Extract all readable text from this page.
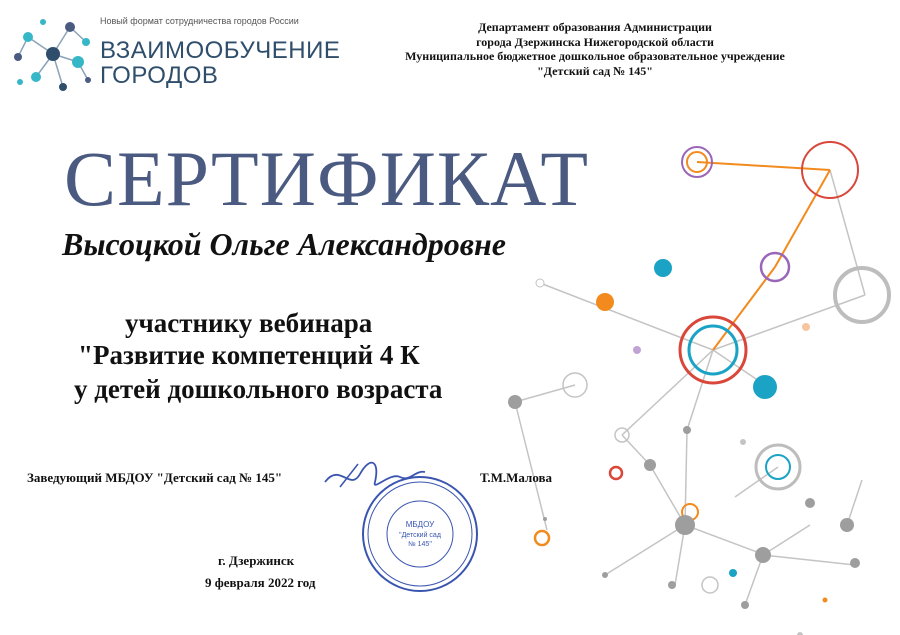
Новый формат сотрудничества городов России
ВЗАИМООБУЧЕНИЕ
ГОРОДОВ
Департамент образования Администрации
города Дзержинска Нижегородской области
Муниципальное бюджетное дошкольное образовательное учреждение
"Детский сад № 145"
СЕРТИФИКАТ
Высоцкой Ольге Александровне
участнику вебинара
"Развитие компетенций 4 К
у детей дошкольного возраста
Заведующий МБДОУ "Детский сад № 145"	Т.М.Малова
МБДОУ
"Детский сад
№ 145"
г. Дзержинск
9 февраля 2022 год
